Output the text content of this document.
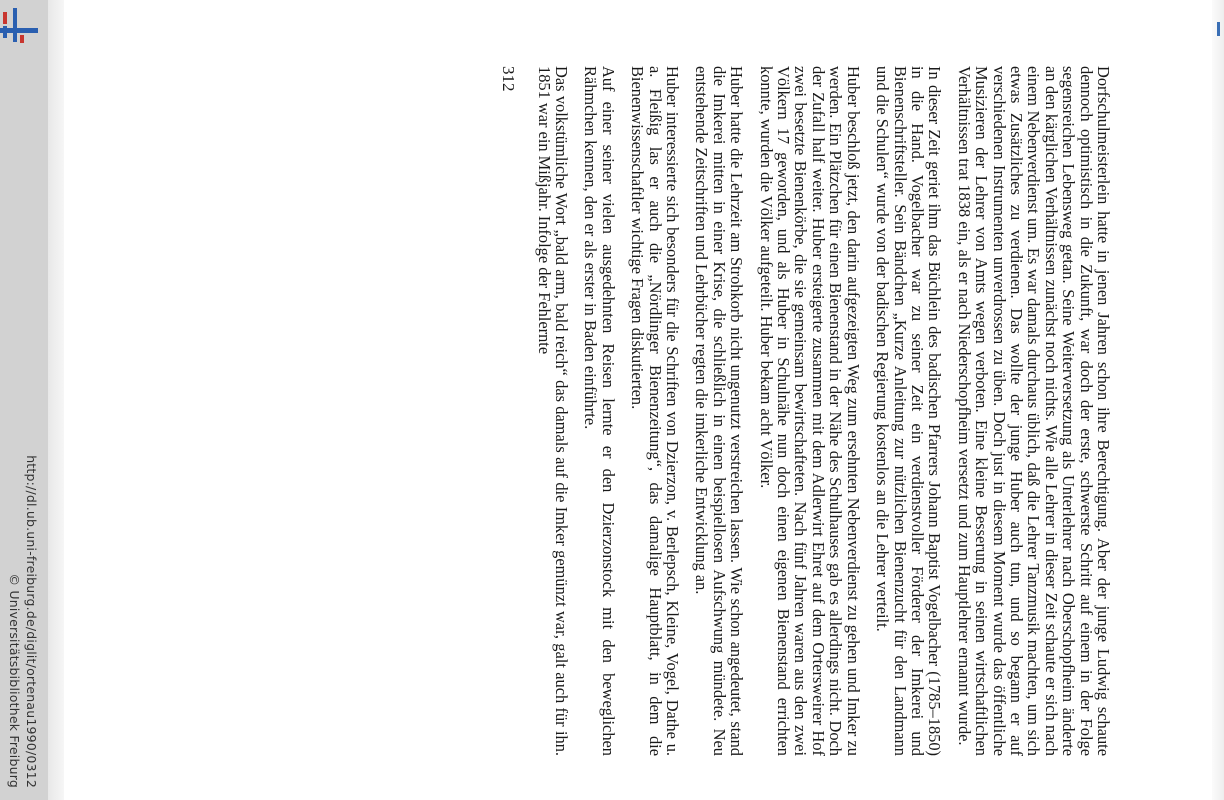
http://dl.ub.uni-freiburg.de/diglit/ortenau1990/0312
© Universitätsbibliothek Freiburg	Dorfschulmeisterlein hatte in jenen Jahren schon ihre Berechtigung. Aber der junge Ludwig schaute dennoch optimistisch in die Zukunft, war doch der erste, schwerste Schritt auf einem in der Folge segensreichen Lebensweg getan. Seine Weiterversetzung als Unterlehrer nach Oberschopfheim änderte an den kärglichen Verhältnissen zunächst noch nichts. Wie alle Lehrer in dieser Zeit schaute er sich nach einem Nebenverdienst um. Es war damals durchaus üblich, daß die Lehrer Tanzmusik machten, um sich etwas Zusätzliches zu verdienen. Das wollte der junge Huber auch tun, und so begann er auf verschiedenen Instrumenten unverdrossen zu üben. Doch just in diesem Moment wurde das öffentliche Musizieren der Lehrer von Amts wegen verboten. Eine kleine Besserung in seinen wirtschaftlichen Verhältnissen trat 1838 ein, als er nach Niederschopfheim versetzt und zum Hauptlehrer ernannt wurde.

In dieser Zeit geriet ihm das Büchlein des badischen Pfarrers Johann Baptist Vogelbacher (1785–1850) in die Hand. Vogelbacher war zu seiner Zeit ein verdienstvoller Förderer der Imkerei und Bienenschriftsteller. Sein Bändchen „Kurze Anleitung zur nützlichen Bienenzucht für den Landmann und die Schulen“ wurde von der badischen Regierung kostenlos an die Lehrer verteilt.

Huber beschloß jetzt, den darin aufgezeigten Weg zum ersehnten Nebenverdienst zu gehen und Imker zu werden. Ein Plätzchen für einen Bienenstand in der Nähe des Schulhauses gab es allerdings nicht. Doch der Zufall half weiter. Huber ersteigerte zusammen mit dem Adlerwirt Ehret auf dem Ortersweirer Hof zwei besetzte Bienenkörbe, die sie gemeinsam bewirtschafteten. Nach fünf Jahren waren aus den zwei Völkern 17 geworden, und als Huber in Schulnähe nun doch einen eigenen Bienenstand errichten konnte, wurden die Völker aufgeteilt. Huber bekam acht Völker.

Huber hatte die Lehrzeit am Strohkorb nicht ungenutzt verstreichen lassen. Wie schon angedeutet, stand die Imkerei mitten in einer Krise, die schließlich in einen beispiellosen Aufschwung mündete. Neu entstehende Zeitschriften und Lehrbücher regten die imkerliche Entwicklung an.

Huber interessierte sich besonders für die Schriften von Dzierzon, v. Berlepsch, Kleine, Vogel, Dathe u. a. Fleißig las er auch die „Nördlinger Bienenzeitung“, das damalige Hauptblatt, in dem die Bienenwissenschaftler wichtige Fragen diskutierten.

Auf einer seiner vielen ausgedehnten Reisen lernte er den Dzierzonstock mit den beweglichen Rähmchen kennen, den er als erster in Baden einführte.

Das volkstümliche Wort „bald arm, bald reich“ das damals auf die Imker gemünzt war, galt auch für ihn. 1851 war ein Mißjahr. Infolge der Fehlernte

312
